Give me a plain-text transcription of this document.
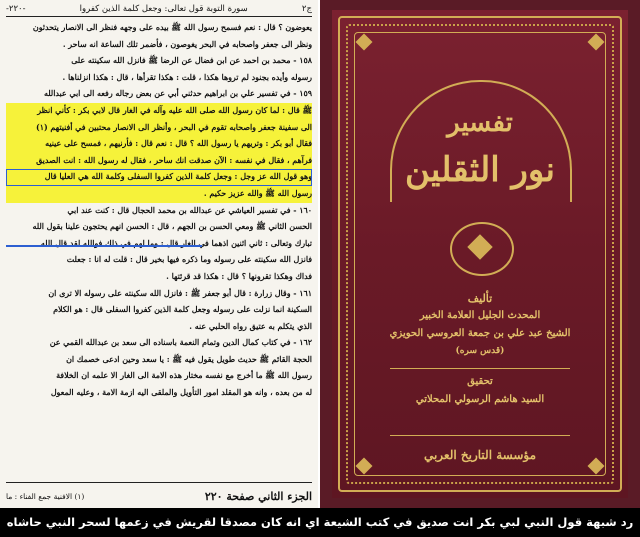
ج٢
سورة التوبة قول تعالى: وجعل كلمة الذين كفروا
-٢٢٠-
يعوضون ؟ قال : نعم فسمح رسول الله ﷺ بيده على وجهه فنظر الى الانصار يتحدثون
ونظر الى جعفر واصحابه في البحر يغوصون ، فأضمر تلك الساعة انه ساحر .
١٥٨ - محمد بن احمد عن ابن فضال عن الرضا ﷺ فانزل الله سكينته على
رسوله وأيده بجنود لم تروها هكذا ، قلت : هكذا تقرأها ، قال : هكذا انزلناها .
١٥٩ - في تفسير علي بن ابراهيم حدثني أبي عن بعض رجاله رفعه الى ابي عبدالله
ﷺ قال : لما كان رسول الله صلى الله عليه وآله في الغار قال لابي بكر : كأني انظر
الى سفينة جعفر واصحابه تقوم في البحر ، وأنظر الى الانصار محتبين في أفنيتهم (١)
فقال أبو بكر : وتريهم يا رسول الله ؟ قال : نعم قال : فأرنيهم ، فمسح على عينيه
فرآهم ، فقال في نفسه : الآن صدقت انك ساحر ، فقال له رسول الله : انت الصديق
وهو قول الله عز وجل : وجعل كلمة الذين كفروا السفلى وكلمة الله هي العليا قال
رسول الله ﷺ والله عزيز حكيم .
١٦٠ - في تفسير العياشي عن عبدالله بن محمد الحجال قال : كنت عند ابي
الحسن الثاني ﷺ ومعي الحسن بن الجهم ، قال : الحسن انهم يحتجون علينا بقول الله
تبارك وتعالى : ثاني اثنين اذهما في الغار قال : وما لهم في ذلك فوالله لقد قال الله
فانزل الله سكينته على رسوله وما ذكره فيها بخير قال : قلت له انا : جعلت
فداك وهكذا تقرونها ؟ قال : هكذا قد قرئتها .
١٦١ - وقال زرارة : قال أبو جعفر ﷺ : فانزل الله سكينته على رسوله الا ترى ان
السكينة انما نزلت على رسوله وجعل كلمة الذين كفروا السفلى قال : هو الكلام
الذي يتكلم به عتيق رواه الحلبي عنه .
١٦٢ - في كتاب كمال الدين وتمام النعمة باسناده الى سعد بن عبدالله القمي عن
الحجة القائم ﷺ حديث طويل يقول فيه ﷺ : يا سعد وحين ادعى خصمك ان
رسول الله ﷺ ما أخرج مع نفسه مختار هذه الامة الى الغار الا علمه ان الخلافة
له من بعده ، وانه هو المقلد امور التأويل والملقى اليه ازمة الامة ، وعليه المعول
الجزء الثاني صفحة ٢٢٠
(١) الافنية جمع الفناء : ما
تفسير
نور الثقلين
تأليف
المحدث الجليل العلامة الخبير
الشيخ عبد علي بن جمعة العروسي الحويزي
(قدس سره)
تحقيق
السيد هاشم الرسولي المحلاتي
مؤسسة التاريخ العربي
رد شبهة قول النبي لبي بكر انت صديق في كتب الشيعة اي انه كان مصدقا لقريش في زعمها لسحر النبي حاشاه
